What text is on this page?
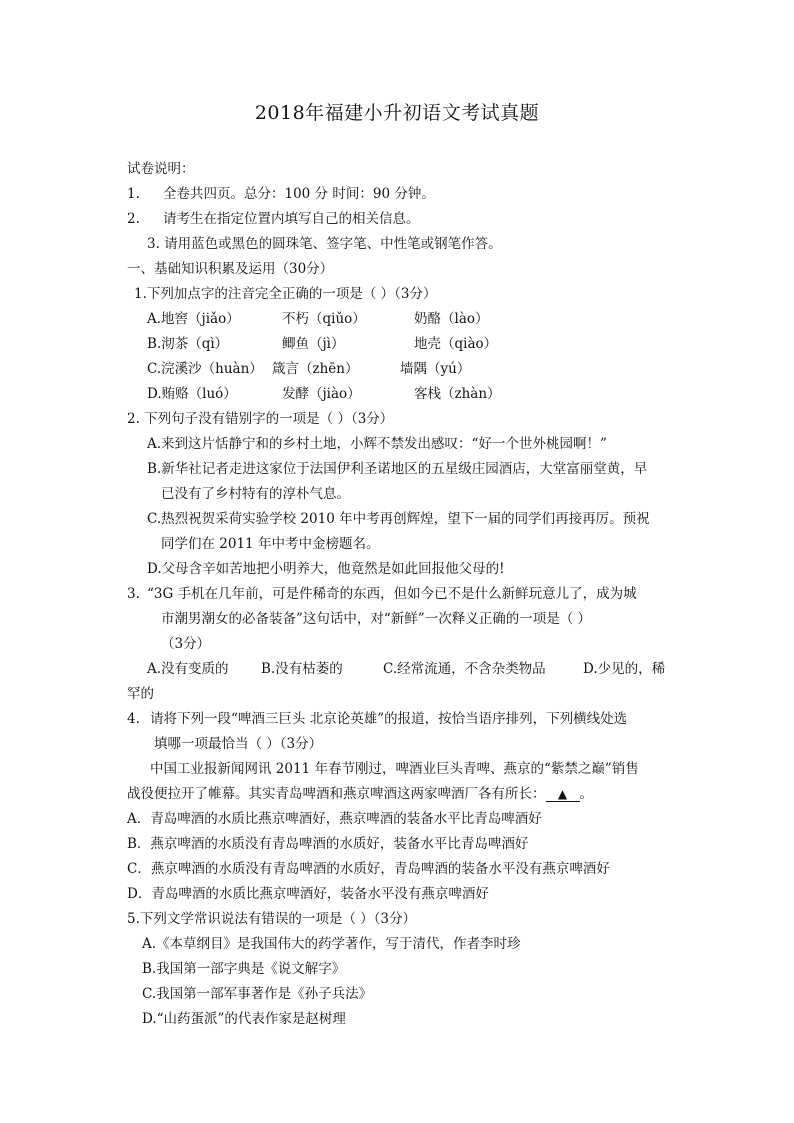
2018年福建小升初语文考试真题
试卷说明：
1. 全卷共四页。总分：100 分 时间：90 分钟。
2. 请考生在指定位置内填写自己的相关信息。
3. 请用蓝色或黑色的圆珠笔、签字笔、中性笔或钢笔作答。
一、基础知识积累及运用（30分）
1.下列加点字的注音完全正确的一项是（ ）（3分）
A.地窖（jiǎo）	不朽（qiǔo）	奶酪（lào）
B.沏茶（qì）	鲫鱼（jì）	地壳（qiào）
C.浣溪沙（huàn） 箴言（zhēn）	墙隅（yú）
D.贿赂（luó）	发酵（jiào）	客栈（zhàn）
2. 下列句子没有错别字的一项是（ ）（3分）
A.来到这片恬静宁和的乡村土地，小辉不禁发出感叹：“好一个世外桃园啊！”
B.新华社记者走进这家位于法国伊利圣诺地区的五星级庄园酒店，大堂富丽堂黄，早
已没有了乡村特有的淳朴气息。
C.热烈祝贺采荷实验学校 2010 年中考再创辉煌，望下一届的同学们再接再厉。预祝
同学们在 2011 年中考中金榜题名。
D.父母含辛如苦地把小明养大，他竟然是如此回报他父母的!
3. “3G 手机在几年前，可是件稀奇的东西，但如今已不是什么新鲜玩意儿了，成为城
市潮男潮女的必备装备”这句话中，对“新鲜”一次释义正确的一项是（ ）
（3分）
A.没有变质的 B.没有枯萎的	C.经常流通，不含杂类物品	D.少见的，稀
罕的
4. 请将下列一段“啤酒三巨头 北京论英雄”的报道，按恰当语序排列，下列横线处选
填哪一项最恰当（ ）（3分）
中国工业报新闻网讯 2011 年春节刚过，啤酒业巨头青啤、燕京的“紫禁之巅”销售
战役便拉开了帷幕。其实青岛啤酒和燕京啤酒这两家啤酒厂各有所长： ▲ 。
A．青岛啤酒的水质比燕京啤酒好，燕京啤酒的装备水平比青岛啤酒好
B．燕京啤酒的水质没有青岛啤酒的水质好，装备水平比青岛啤酒好
C．燕京啤酒的水质没有青岛啤酒的水质好，青岛啤酒的装备水平没有燕京啤酒好
D．青岛啤酒的水质比燕京啤酒好，装备水平没有燕京啤酒好
5.下列文学常识说法有错误的一项是（ ）（3分）
A.《本草纲目》是我国伟大的药学著作，写于清代，作者李时珍
B.我国第一部字典是《说文解字》
C.我国第一部军事著作是《孙子兵法》
D.“山药蛋派”的代表作家是赵树理
